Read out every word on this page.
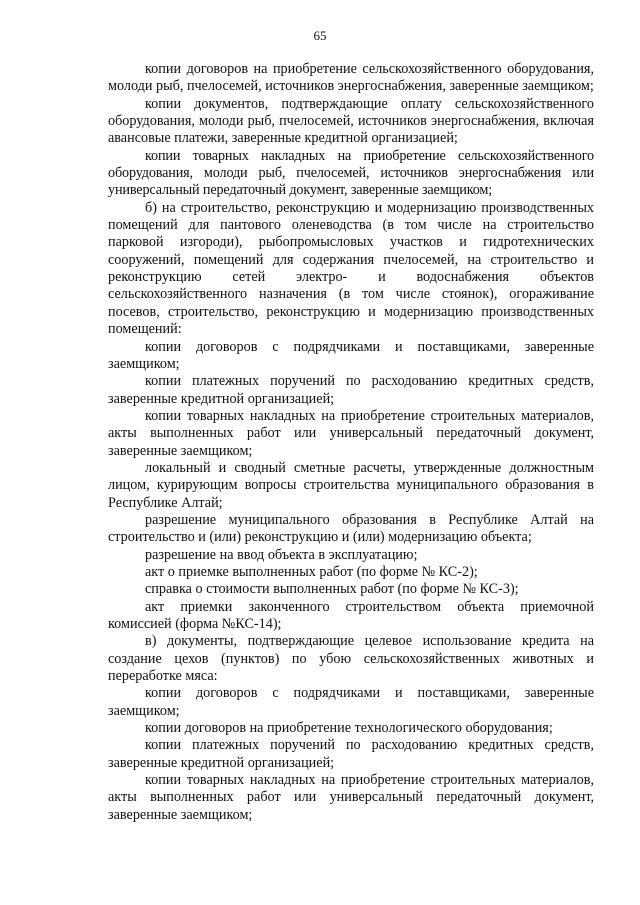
65

копии договоров на приобретение сельскохозяйственного оборудования, молоди рыб, пчелосемей, источников энергоснабжения, заверенные заемщиком;

копии документов, подтверждающие оплату сельскохозяйственного оборудования, молоди рыб, пчелосемей, источников энергоснабжения, включая авансовые платежи, заверенные кредитной организацией;

копии товарных накладных на приобретение сельскохозяйственного оборудования, молоди рыб, пчелосемей, источников энергоснабжения или универсальный передаточный документ, заверенные заемщиком;

б) на строительство, реконструкцию и модернизацию производственных помещений для пантового оленеводства (в том числе на строительство парковой изгороди), рыбопромысловых участков и гидротехнических сооружений, помещений для содержания пчелосемей, на строительство и реконструкцию сетей электро- и водоснабжения объектов сельскохозяйственного назначения (в том числе стоянок), огораживание посевов, строительство, реконструкцию и модернизацию производственных помещений:

копии договоров с подрядчиками и поставщиками, заверенные заемщиком;

копии платежных поручений по расходованию кредитных средств, заверенные кредитной организацией;

копии товарных накладных на приобретение строительных материалов, акты выполненных работ или универсальный передаточный документ, заверенные заемщиком;

локальный и сводный сметные расчеты, утвержденные должностным лицом, курирующим вопросы строительства муниципального образования в Республике Алтай;

разрешение муниципального образования в Республике Алтай на строительство и (или) реконструкцию и (или) модернизацию объекта;

разрешение на ввод объекта в эксплуатацию;

акт о приемке выполненных работ (по форме № КС-2);

справка о стоимости выполненных работ (по форме № КС-3);

акт приемки законченного строительством объекта приемочной комиссией (форма №КС-14);

в) документы, подтверждающие целевое использование кредита на создание цехов (пунктов) по убою сельскохозяйственных животных и переработке мяса:

копии договоров с подрядчиками и поставщиками, заверенные заемщиком;

копии договоров на приобретение технологического оборудования;

копии платежных поручений по расходованию кредитных средств, заверенные кредитной организацией;

копии товарных накладных на приобретение строительных материалов, акты выполненных работ или универсальный передаточный документ, заверенные заемщиком;
